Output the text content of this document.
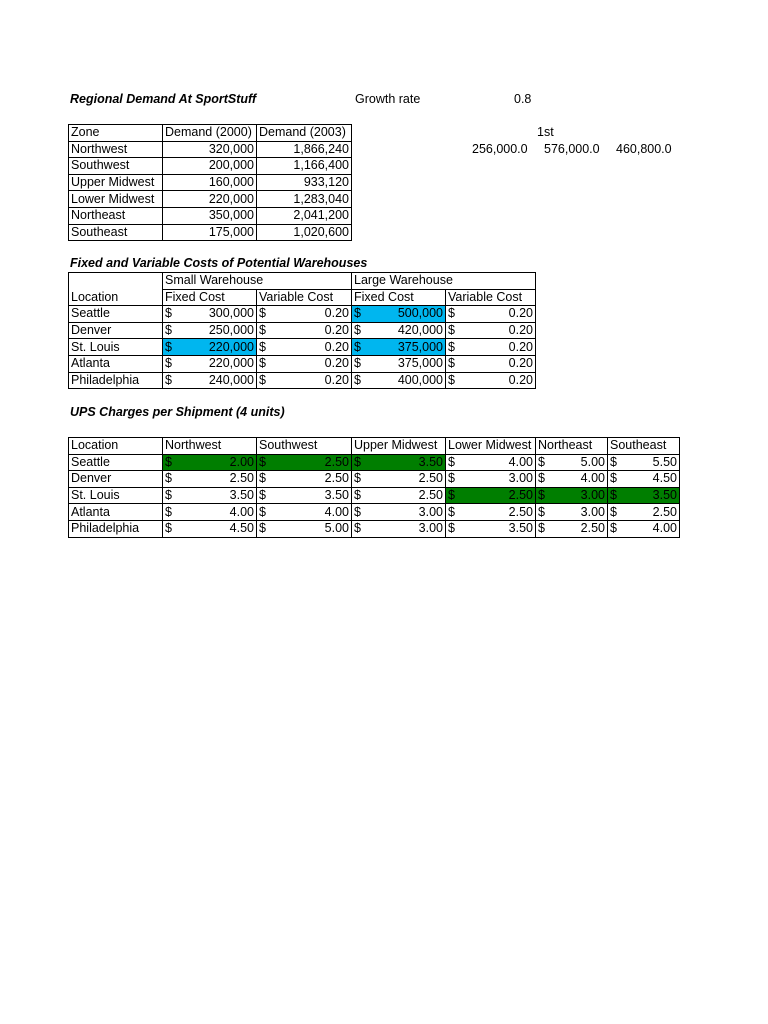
Regional Demand At SportStuff	Growth rate	0.8
1st
256,000.0 576,000.0 460,800.0
Zone	Demand (2000)	Demand (2003)
Northwest	320,000	1,866,240
Southwest	200,000	1,166,400
Upper Midwest	160,000	933,120
Lower Midwest	220,000	1,283,040
Northeast	350,000	2,041,200
Southeast	175,000	1,020,600
Fixed and Variable Costs of Potential Warehouses
	Small Warehouse		Large Warehouse	
Location	Fixed Cost	Variable Cost	Fixed Cost	Variable Cost
Seattle	$ 300,000	$ 0.20	$ 500,000	$ 0.20

Denver	$ 250,000	$ 0.20	$ 420,000	$ 0.20

St. Louis	$ 220,000	$ 0.20	$ 375,000	$ 0.20

Atlanta	$ 220,000	$ 0.20	$ 375,000	$ 0.20

Philadelphia	$ 240,000	$ 0.20	$ 400,000	$ 0.20
UPS Charges per Shipment (4 units)
Location	Northwest	Southwest	Upper Midwest	Lower Midwest	Northeast	Southeast
Seattle	$ 2.00	$ 2.50	$ 3.50	$ 4.00	$ 5.00	$ 5.50

Denver	$ 2.50	$ 2.50	$ 2.50	$ 3.00	$ 4.00	$ 4.50

St. Louis	$ 3.50	$ 3.50	$ 2.50	$ 2.50	$ 3.00	$ 3.50

Atlanta	$ 4.00	$ 4.00	$ 3.00	$ 2.50	$ 3.00	$ 2.50

Philadelphia	$ 4.50	$ 5.00	$ 3.00	$ 3.50	$ 2.50	$ 4.00
